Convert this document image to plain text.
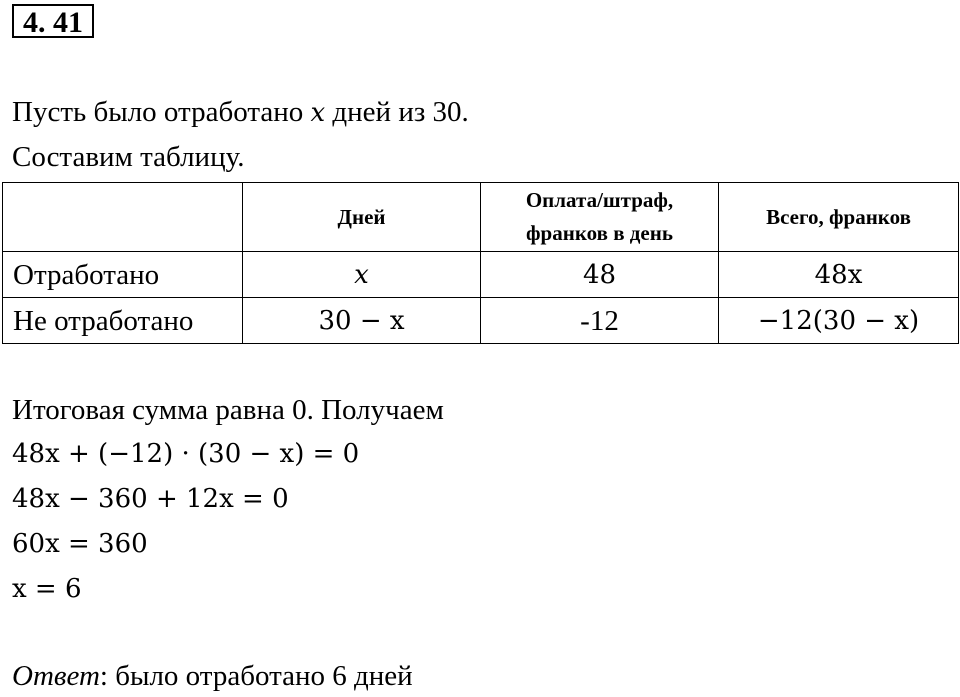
4. 41
Пусть было отработано x дней из 30.
Составим таблицу.
	Дней	Оплата/штраф,
франков в день	Всего, франков
Отработано	x	48	48x
Не отработано	30 − x	-12	−12(30 − x)
Итоговая сумма равна 0. Получаем
48x + (−12) · (30 − x) = 0
48x − 360 + 12x = 0
60x = 360
x = 6
Ответ: было отработано 6 дней
